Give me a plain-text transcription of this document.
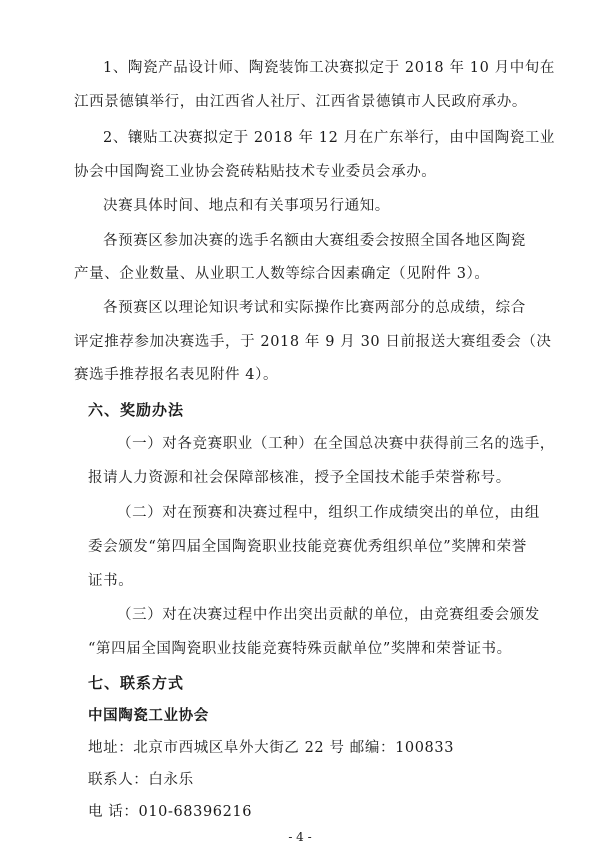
1、陶瓷产品设计师、陶瓷装饰工决赛拟定于 2018 年 10 月中旬在
江西景德镇举行，由江西省人社厅、江西省景德镇市人民政府承办。
2、镶贴工决赛拟定于 2018 年 12 月在广东举行，由中国陶瓷工业
协会中国陶瓷工业协会瓷砖粘贴技术专业委员会承办。
决赛具体时间、地点和有关事项另行通知。
各预赛区参加决赛的选手名额由大赛组委会按照全国各地区陶瓷
产量、企业数量、从业职工人数等综合因素确定（见附件 3）。
各预赛区以理论知识考试和实际操作比赛两部分的总成绩，综合
评定推荐参加决赛选手，于 2018 年 9 月 30 日前报送大赛组委会（决
赛选手推荐报名表见附件 4）。
六、奖励办法
（一）对各竞赛职业（工种）在全国总决赛中获得前三名的选手，
报请人力资源和社会保障部核准，授予全国技术能手荣誉称号。
（二）对在预赛和决赛过程中，组织工作成绩突出的单位，由组
委会颁发“第四届全国陶瓷职业技能竞赛优秀组织单位”奖牌和荣誉
证书。
（三）对在决赛过程中作出突出贡献的单位，由竞赛组委会颁发
“第四届全国陶瓷职业技能竞赛特殊贡献单位”奖牌和荣誉证书。
七、联系方式
中国陶瓷工业协会
地址：北京市西城区阜外大街乙 22 号 邮编：100833
联系人：白永乐
电 话：010-68396216
- 4 -
